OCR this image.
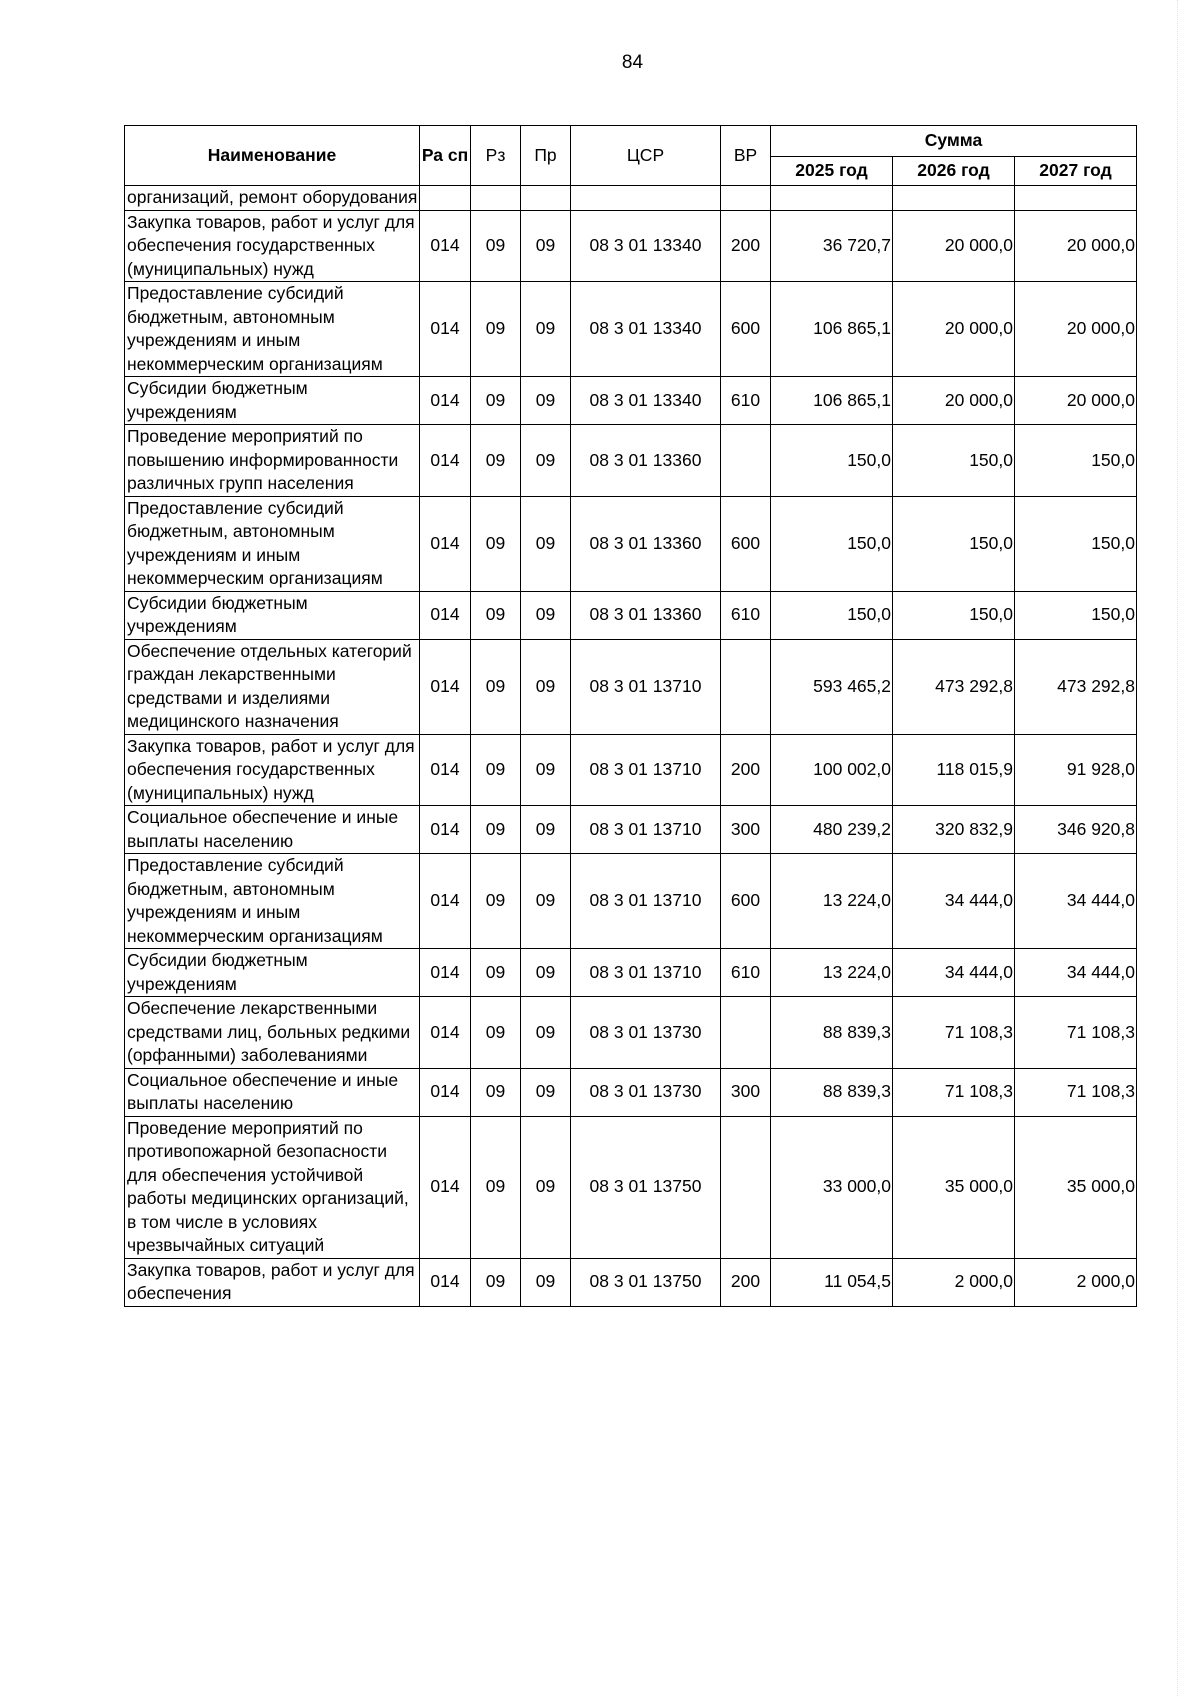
84
Наименование	Ра сп	Рз	Пр	ЦСР	ВР	Сумма		
						2025 год	2026 год	2027 год
организаций, ремонт оборудования								
Закупка товаров, работ и услуг для обеспечения государственных (муниципальных) нужд	014	09	09	08 3 01 13340	200	36 720,7	20 000,0	20 000,0
Предоставление субсидий бюджетным, автономным учреждениям и иным некоммерческим организациям	014	09	09	08 3 01 13340	600	106 865,1	20 000,0	20 000,0
Субсидии бюджетным учреждениям	014	09	09	08 3 01 13340	610	106 865,1	20 000,0	20 000,0
Проведение мероприятий по повышению информированности различных групп населения	014	09	09	08 3 01 13360		150,0	150,0	150,0
Предоставление субсидий бюджетным, автономным учреждениям и иным некоммерческим организациям	014	09	09	08 3 01 13360	600	150,0	150,0	150,0
Субсидии бюджетным учреждениям	014	09	09	08 3 01 13360	610	150,0	150,0	150,0
Обеспечение отдельных категорий граждан лекарственными средствами и изделиями медицинского назначения	014	09	09	08 3 01 13710		593 465,2	473 292,8	473 292,8
Закупка товаров, работ и услуг для обеспечения государственных (муниципальных) нужд	014	09	09	08 3 01 13710	200	100 002,0	118 015,9	91 928,0
Социальное обеспечение и иные выплаты населению	014	09	09	08 3 01 13710	300	480 239,2	320 832,9	346 920,8
Предоставление субсидий бюджетным, автономным учреждениям и иным некоммерческим организациям	014	09	09	08 3 01 13710	600	13 224,0	34 444,0	34 444,0
Субсидии бюджетным учреждениям	014	09	09	08 3 01 13710	610	13 224,0	34 444,0	34 444,0
Обеспечение лекарственными средствами лиц, больных редкими (орфанными) заболеваниями	014	09	09	08 3 01 13730		88 839,3	71 108,3	71 108,3
Социальное обеспечение и иные выплаты населению	014	09	09	08 3 01 13730	300	88 839,3	71 108,3	71 108,3
Проведение мероприятий по противопожарной безопасности для обеспечения устойчивой работы медицинских организаций, в том числе в условиях чрезвычайных ситуаций	014	09	09	08 3 01 13750		33 000,0	35 000,0	35 000,0
Закупка товаров, работ и услуг для обеспечения	014	09	09	08 3 01 13750	200	11 054,5	2 000,0	2 000,0
